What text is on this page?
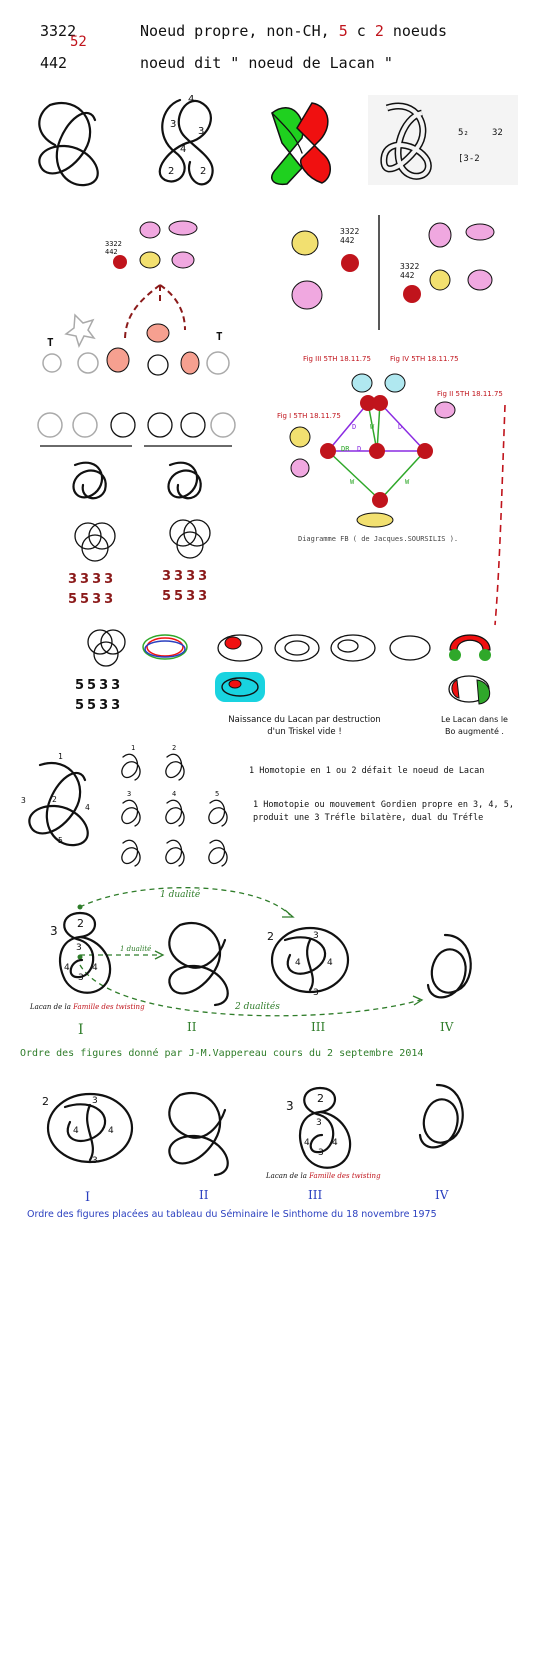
3322
52
442
Noeud propre, non-CH, 5 c 2 noeuds
noeud dit " noeud de Lacan "
4
3
3
4
2	2
5₂	32
[3-2
3322 442
T	T
3333
5533
3333
5533
3322 442
3322 442
Fig III 5TH 18.11.75	Fig IV 5TH 18.11.75
Fig II 5TH 18.11.75
Fig I 5TH 18.11.75
D W	D
D
W	W
DR
Diagramme FB ( de Jacques.SOURSILIS ).
5533
5533
Naissance du Lacan par destruction
d'un Triskel vide !
Le Lacan dans le
Bo augmenté .
1
2
3
4
5
1	2
3	4	5
1 Homotopie en 1 ou 2 défait le noeud de Lacan
1 Homotopie ou mouvement Gordien propre en 3, 4, 5,
produit une 3 Tréfle bilatère, dual du Tréfle
1 dualité
1 dualité
2 dualités
3
2
3
4 4
3
Lacan de la Famille des twisting
2	3
4	4
3
I	II	III	IV
Ordre des figures donné par J-M.Vappereau cours du 2 septembre 2014
2	3
4	4
3
3
2
3
4 4
3
Lacan de la Famille des twisting
I	II	III	IV
Ordre des figures placées au tableau du Séminaire le Sinthome du 18 novembre 1975
